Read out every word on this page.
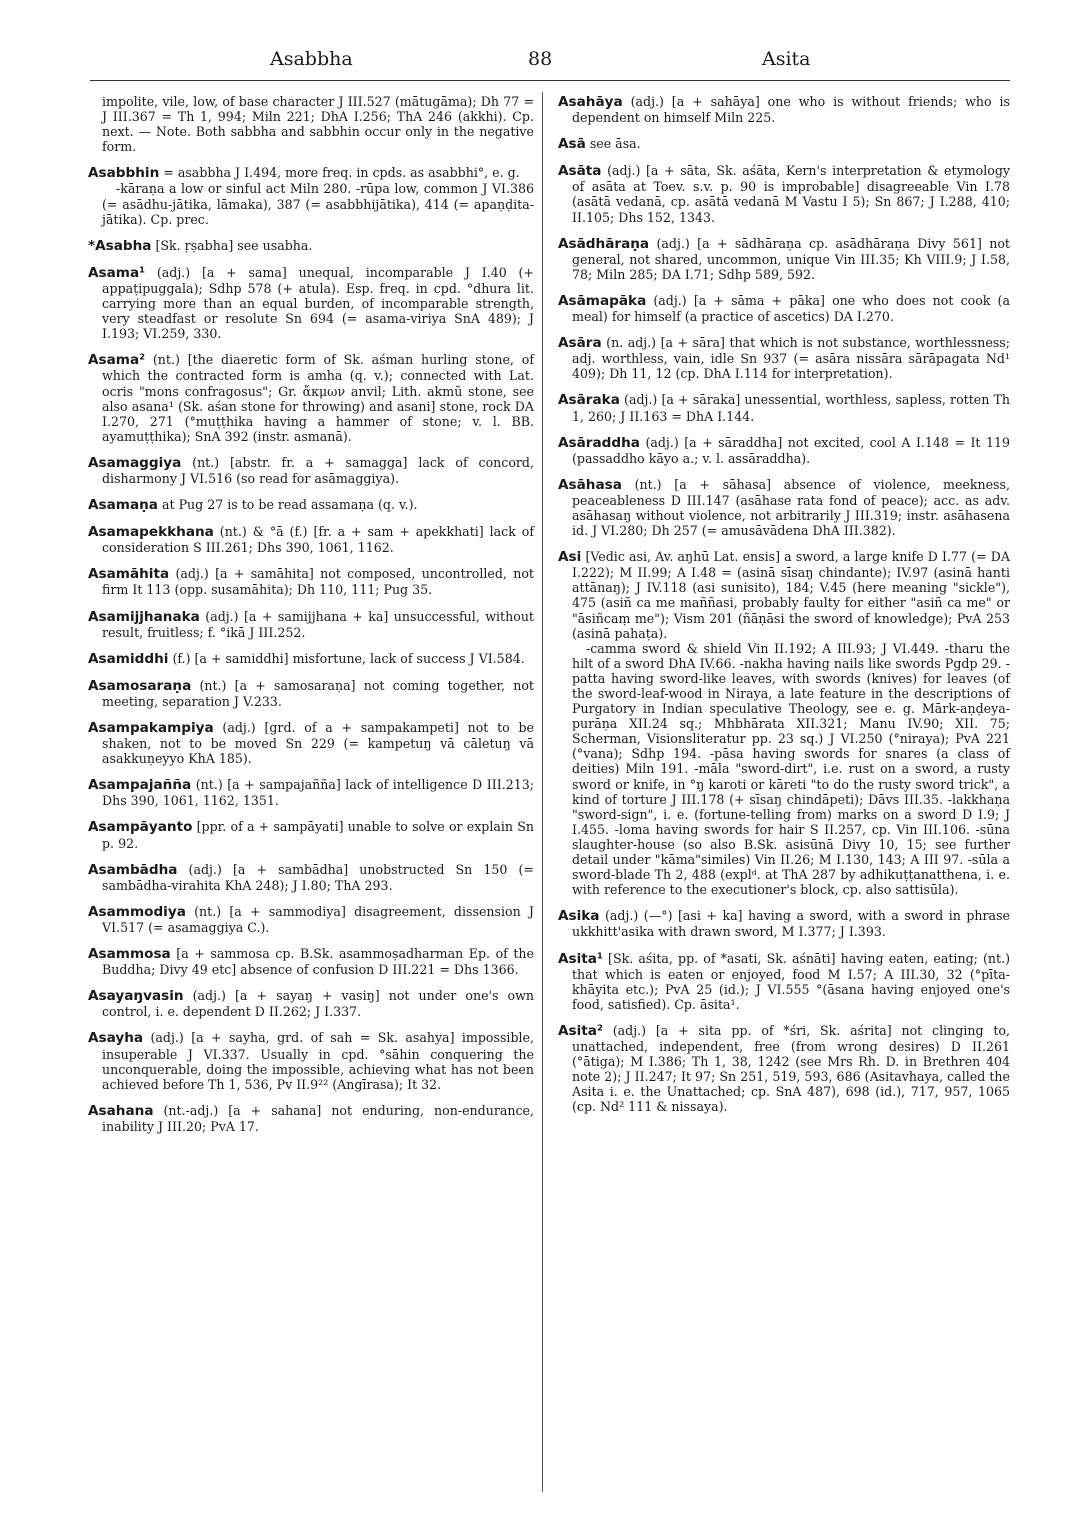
Asabbha	88	Asita

impolite, vile, low, of base character J III.527 (mātugāma); Dh 77 = J III.367 = Th 1, 994; Miln 221; DhA I.256; ThA 246 (akkhi). Cp. next. — Note. Both sabbha and sabbhin occur only in the negative form.

Asabbhin = asabbha J I.494, more freq. in cpds. as asabbhi°, e. g.
-kāraṇa a low or sinful act Miln 280. -rūpa low, common J VI.386 (= asādhu-jātika, lāmaka), 387 (= asabbhijātika), 414 (= apaṇḍita-jātika). Cp. prec.

*Asabha [Sk. ṛṣabha] see usabha.

Asama¹ (adj.) [a + sama] unequal, incomparable J I.40 (+ appaṭipuggala); Sdhp 578 (+ atula). Esp. freq. in cpd. °dhura lit. carrying more than an equal burden, of incomparable strength, very steadfast or resolute Sn 694 (= asama-viriya SnA 489); J I.193; VI.259, 330.

Asama² (nt.) [the diaeretic form of Sk. aśman hurling stone, of which the contracted form is amha (q. v.); connected with Lat. ocris "mons confragosus"; Gr. ἄκμων anvil; Lith. akmũ stone, see also asana¹ (Sk. aśan stone for throwing) and asani] stone, rock DA I.270, 271 (°muṭṭhika having a hammer of stone; v. l. BB. ayamuṭṭhika); SnA 392 (instr. asmanā).

Asamaggiya (nt.) [abstr. fr. a + samagga] lack of concord, disharmony J VI.516 (so read for asāmaggiya).

Asamaṇa at Pug 27 is to be read assamaṇa (q. v.).

Asamapekkhana (nt.) & °ā (f.) [fr. a + sam + apekkhati] lack of consideration S III.261; Dhs 390, 1061, 1162.

Asamāhita (adj.) [a + samāhita] not composed, uncontrolled, not firm It 113 (opp. susamāhita); Dh 110, 111; Pug 35.

Asamijjhanaka (adj.) [a + samijjhana + ka] unsuccessful, without result, fruitless; f. °ikā J III.252.

Asamiddhi (f.) [a + samiddhi] misfortune, lack of success J VI.584.

Asamosaraṇa (nt.) [a + samosaraṇa] not coming together, not meeting, separation J V.233.

Asampakampiya (adj.) [grd. of a + sampakampeti] not to be shaken, not to be moved Sn 229 (= kampetuŋ vā cāletuŋ vā asakkuṇeyyo KhA 185).

Asampajañña (nt.) [a + sampajañña] lack of intelligence D III.213; Dhs 390, 1061, 1162, 1351.

Asampāyanto [ppr. of a + sampāyati] unable to solve or explain Sn p. 92.

Asambādha (adj.) [a + sambādha] unobstructed Sn 150 (= sambādha-virahita KhA 248); J I.80; ThA 293.

Asammodiya (nt.) [a + sammodiya] disagreement, dissension J VI.517 (= asamaggiya C.).

Asammosa [a + sammosa cp. B.Sk. asammoṣadharman Ep. of the Buddha; Divy 49 etc] absence of confusion D III.221 = Dhs 1366.

Asayaŋvasin (adj.) [a + sayaŋ + vasiŋ] not under one's own control, i. e. dependent D II.262; J I.337.

Asayha (adj.) [a + sayha, grd. of sah = Sk. asahya] impossible, insuperable J VI.337. Usually in cpd. °sāhin conquering the unconquerable, doing the impossible, achieving what has not been achieved before Th 1, 536, Pv II.9²² (Angīrasa); It 32.

Asahana (nt.-adj.) [a + sahana] not enduring, non-endurance, inability J III.20; PvA 17.

Asahāya (adj.) [a + sahāya] one who is without friends; who is dependent on himself Miln 225.

Asā see āsa.

Asāta (adj.) [a + sāta, Sk. aśāta, Kern's interpretation & etymology of asāta at Toev. s.v. p. 90 is improbable] disagreeable Vin I.78 (asātā vedanā, cp. asātā vedanā M Vastu I 5); Sn 867; J I.288, 410; II.105; Dhs 152, 1343.

Asādhāraṇa (adj.) [a + sādhāraṇa cp. asādhāraṇa Divy 561] not general, not shared, uncommon, unique Vin III.35; Kh VIII.9; J I.58, 78; Miln 285; DA I.71; Sdhp 589, 592.

Asāmapāka (adj.) [a + sāma + pāka] one who does not cook (a meal) for himself (a practice of ascetics) DA I.270.

Asāra (n. adj.) [a + sāra] that which is not substance, worthlessness; adj. worthless, vain, idle Sn 937 (= asāra nissāra sārāpagata Nd¹ 409); Dh 11, 12 (cp. DhA I.114 for interpretation).

Asāraka (adj.) [a + sāraka] unessential, worthless, sapless, rotten Th 1, 260; J II.163 = DhA I.144.

Asāraddha (adj.) [a + sāraddha] not excited, cool A I.148 = It 119 (passaddho kāyo a.; v. l. assāraddha).

Asāhasa (nt.) [a + sāhasa] absence of violence, meekness, peaceableness D III.147 (asāhase rata fond of peace); acc. as adv. asāhasaŋ without violence, not arbitrarily J III.319; instr. asāhasena id. J VI.280; Dh 257 (= amusāvādena DhA III.382).

Asi [Vedic asi, Av. aŋhū Lat. ensis] a sword, a large knife D I.77 (= DA I.222); M II.99; A I.48 = (asinā sīsaŋ chindante); IV.97 (asinā hanti attānaŋ); J IV.118 (asi sunisito), 184; V.45 (here meaning "sickle"), 475 (asiñ ca me maññasi, probably faulty for either "asiñ ca me" or "āsiñcaṃ me"); Vism 201 (ñāṇāsi the sword of knowledge); PvA 253 (asinā pahaṭa).
-camma sword & shield Vin II.192; A III.93; J VI.449. -tharu the hilt of a sword DhA IV.66. -nakha having nails like swords Pgdp 29. -patta having sword-like leaves, with swords (knives) for leaves (of the sword-leaf-wood in Niraya, a late feature in the descriptions of Purgatory in Indian speculative Theology, see e. g. Mārk-aṇḍeya-purāṇa XII.24 sq.; Mhbhārata XII.321; Manu IV.90; XII. 75; Scherman, Visionsliteratur pp. 23 sq.) J VI.250 (°niraya); PvA 221 (°vana); Sdhp 194. -pāsa having swords for snares (a class of deities) Miln 191. -māla "sword-dirt", i.e. rust on a sword, a rusty sword or knife, in °ŋ karoti or kāreti "to do the rusty sword trick", a kind of torture J III.178 (+ sīsaŋ chindāpeti); Dāvs III.35. -lakkhaṇa "sword-sign", i. e. (fortune-telling from) marks on a sword D I.9; J I.455. -loma having swords for hair S II.257, cp. Vin III.106. -sūna slaughter-house (so also B.Sk. asisūnā Divy 10, 15; see further detail under "kāma"similes) Vin II.26; M I.130, 143; A III 97. -sūla a sword-blade Th 2, 488 (explᵈ. at ThA 287 by adhikuṭṭanatthena, i. e. with reference to the executioner's block, cp. also sattisūla).

Asika (adj.) (—°) [asi + ka] having a sword, with a sword in phrase ukkhitt'asika with drawn sword, M I.377; J I.393.

Asita¹ [Sk. aśita, pp. of *asati, Sk. aśnāti] having eaten, eating; (nt.) that which is eaten or enjoyed, food M I.57; A III.30, 32 (°pīta-khāyita etc.); PvA 25 (id.); J VI.555 °(āsana having enjoyed one's food, satisfied). Cp. āsita¹.

Asita² (adj.) [a + sita pp. of *śri, Sk. aśrita] not clinging to, unattached, independent, free (from wrong desires) D II.261 (°ātiga); M I.386; Th 1, 38, 1242 (see Mrs Rh. D. in Brethren 404 note 2); J II.247; It 97; Sn 251, 519, 593, 686 (Asitavhaya, called the Asita i. e. the Unattached; cp. SnA 487), 698 (id.), 717, 957, 1065 (cp. Nd² 111 & nissaya).
